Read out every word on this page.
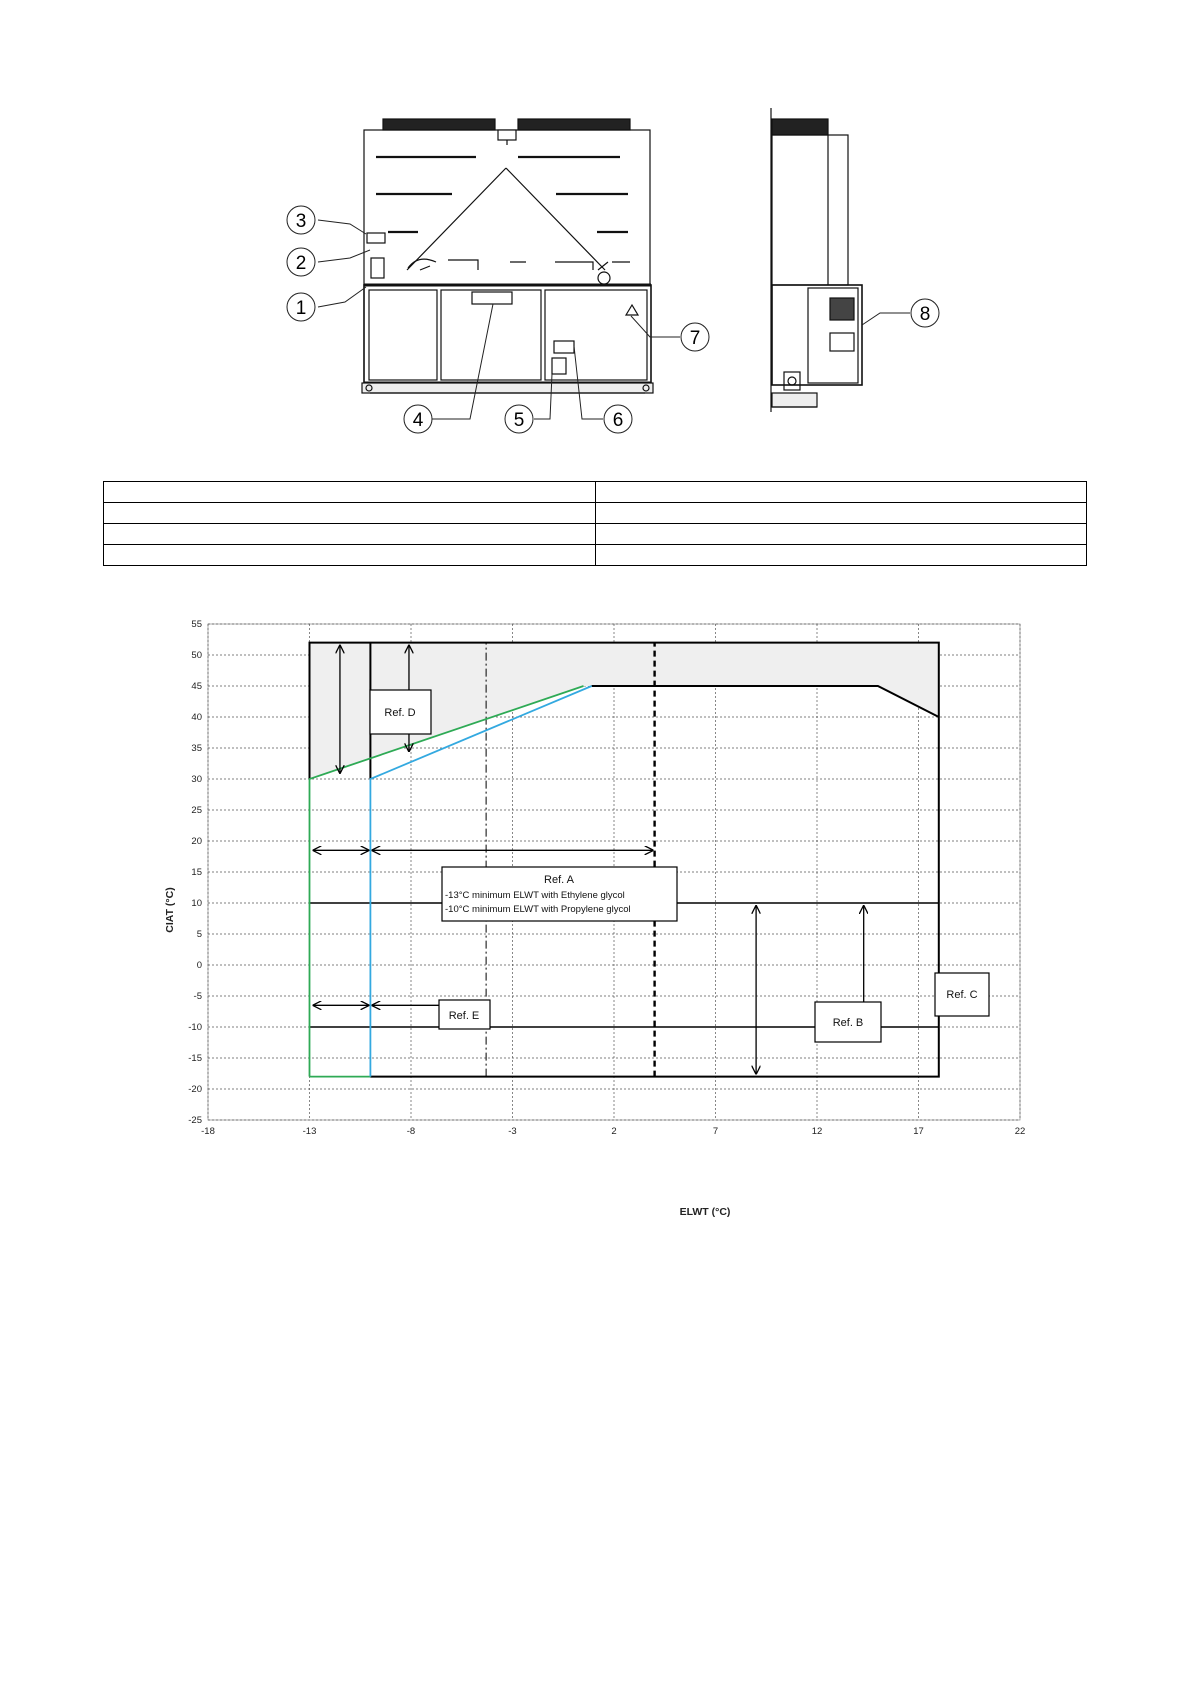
3
2
1
4	5	6
7
8

55
50
45
40
35
30
25
20
15
10
5
0
-5
-10
-15
-20
-25
-18	-13	-8	-3	2	7	12	17	22
ELWT (°C)
CIAT (°C)
Ref. D
Ref. A
-13°C minimum ELWT with Ethylene glycol
-10°C minimum ELWT with Propylene glycol
Ref. E
Ref. B
Ref. C
